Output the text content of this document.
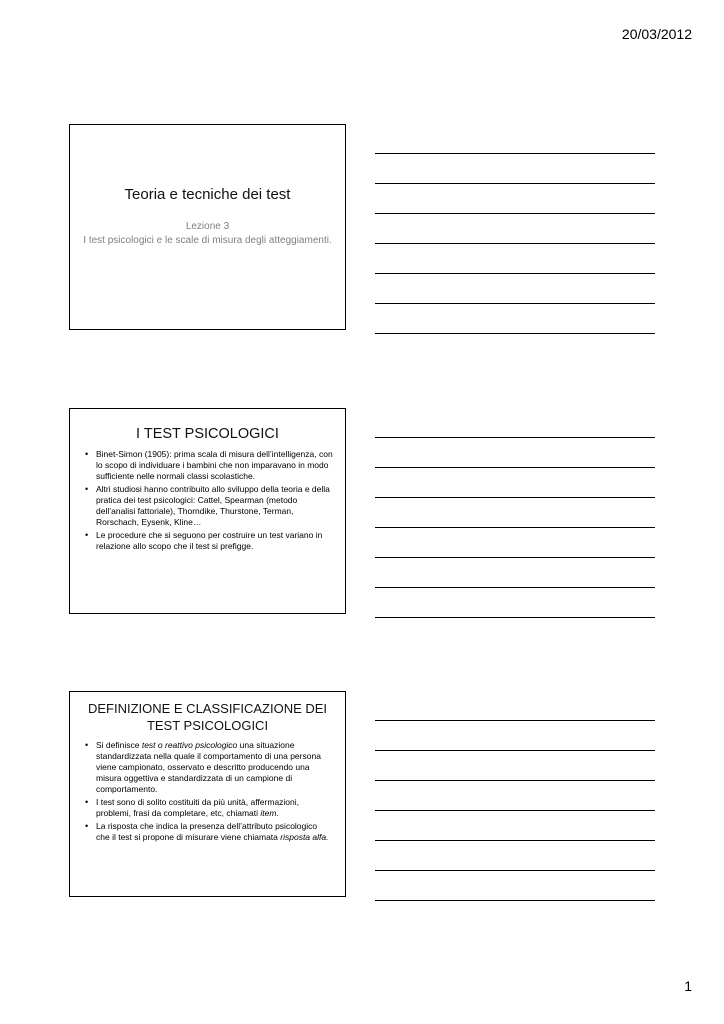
20/03/2012
Teoria e tecniche dei test
Lezione 3
I test psicologici e le scale di misura degli atteggiamenti.
I TEST PSICOLOGICI
• Binet-Simon (1905): prima scala di misura dell’intelligenza, con lo scopo di individuare i bambini che non imparavano in modo sufficiente nelle normali classi scolastiche.
• Altri studiosi hanno contribuito allo sviluppo della teoria e della pratica dei test psicologici: Cattel, Spearman (metodo dell’analisi fattoriale), Thorndike, Thurstone, Terman, Rorschach, Eysenk, Kline…
• Le procedure che si seguono per costruire un test variano in relazione allo scopo che il test si prefigge.
DEFINIZIONE E CLASSIFICAZIONE DEI TEST PSICOLOGICI
• Si definisce test o reattivo psicologico una situazione standardizzata nella quale il comportamento di una persona viene campionato, osservato e descritto producendo una misura oggettiva e standardizzata di un campione di comportamento.
• I test sono di solito costituiti da più unità, affermazioni, problemi, frasi da completare, etc, chiamati item.
• La risposta che indica la presenza dell’attributo psicologico che il test si propone di misurare viene chiamata risposta alfa.
1
